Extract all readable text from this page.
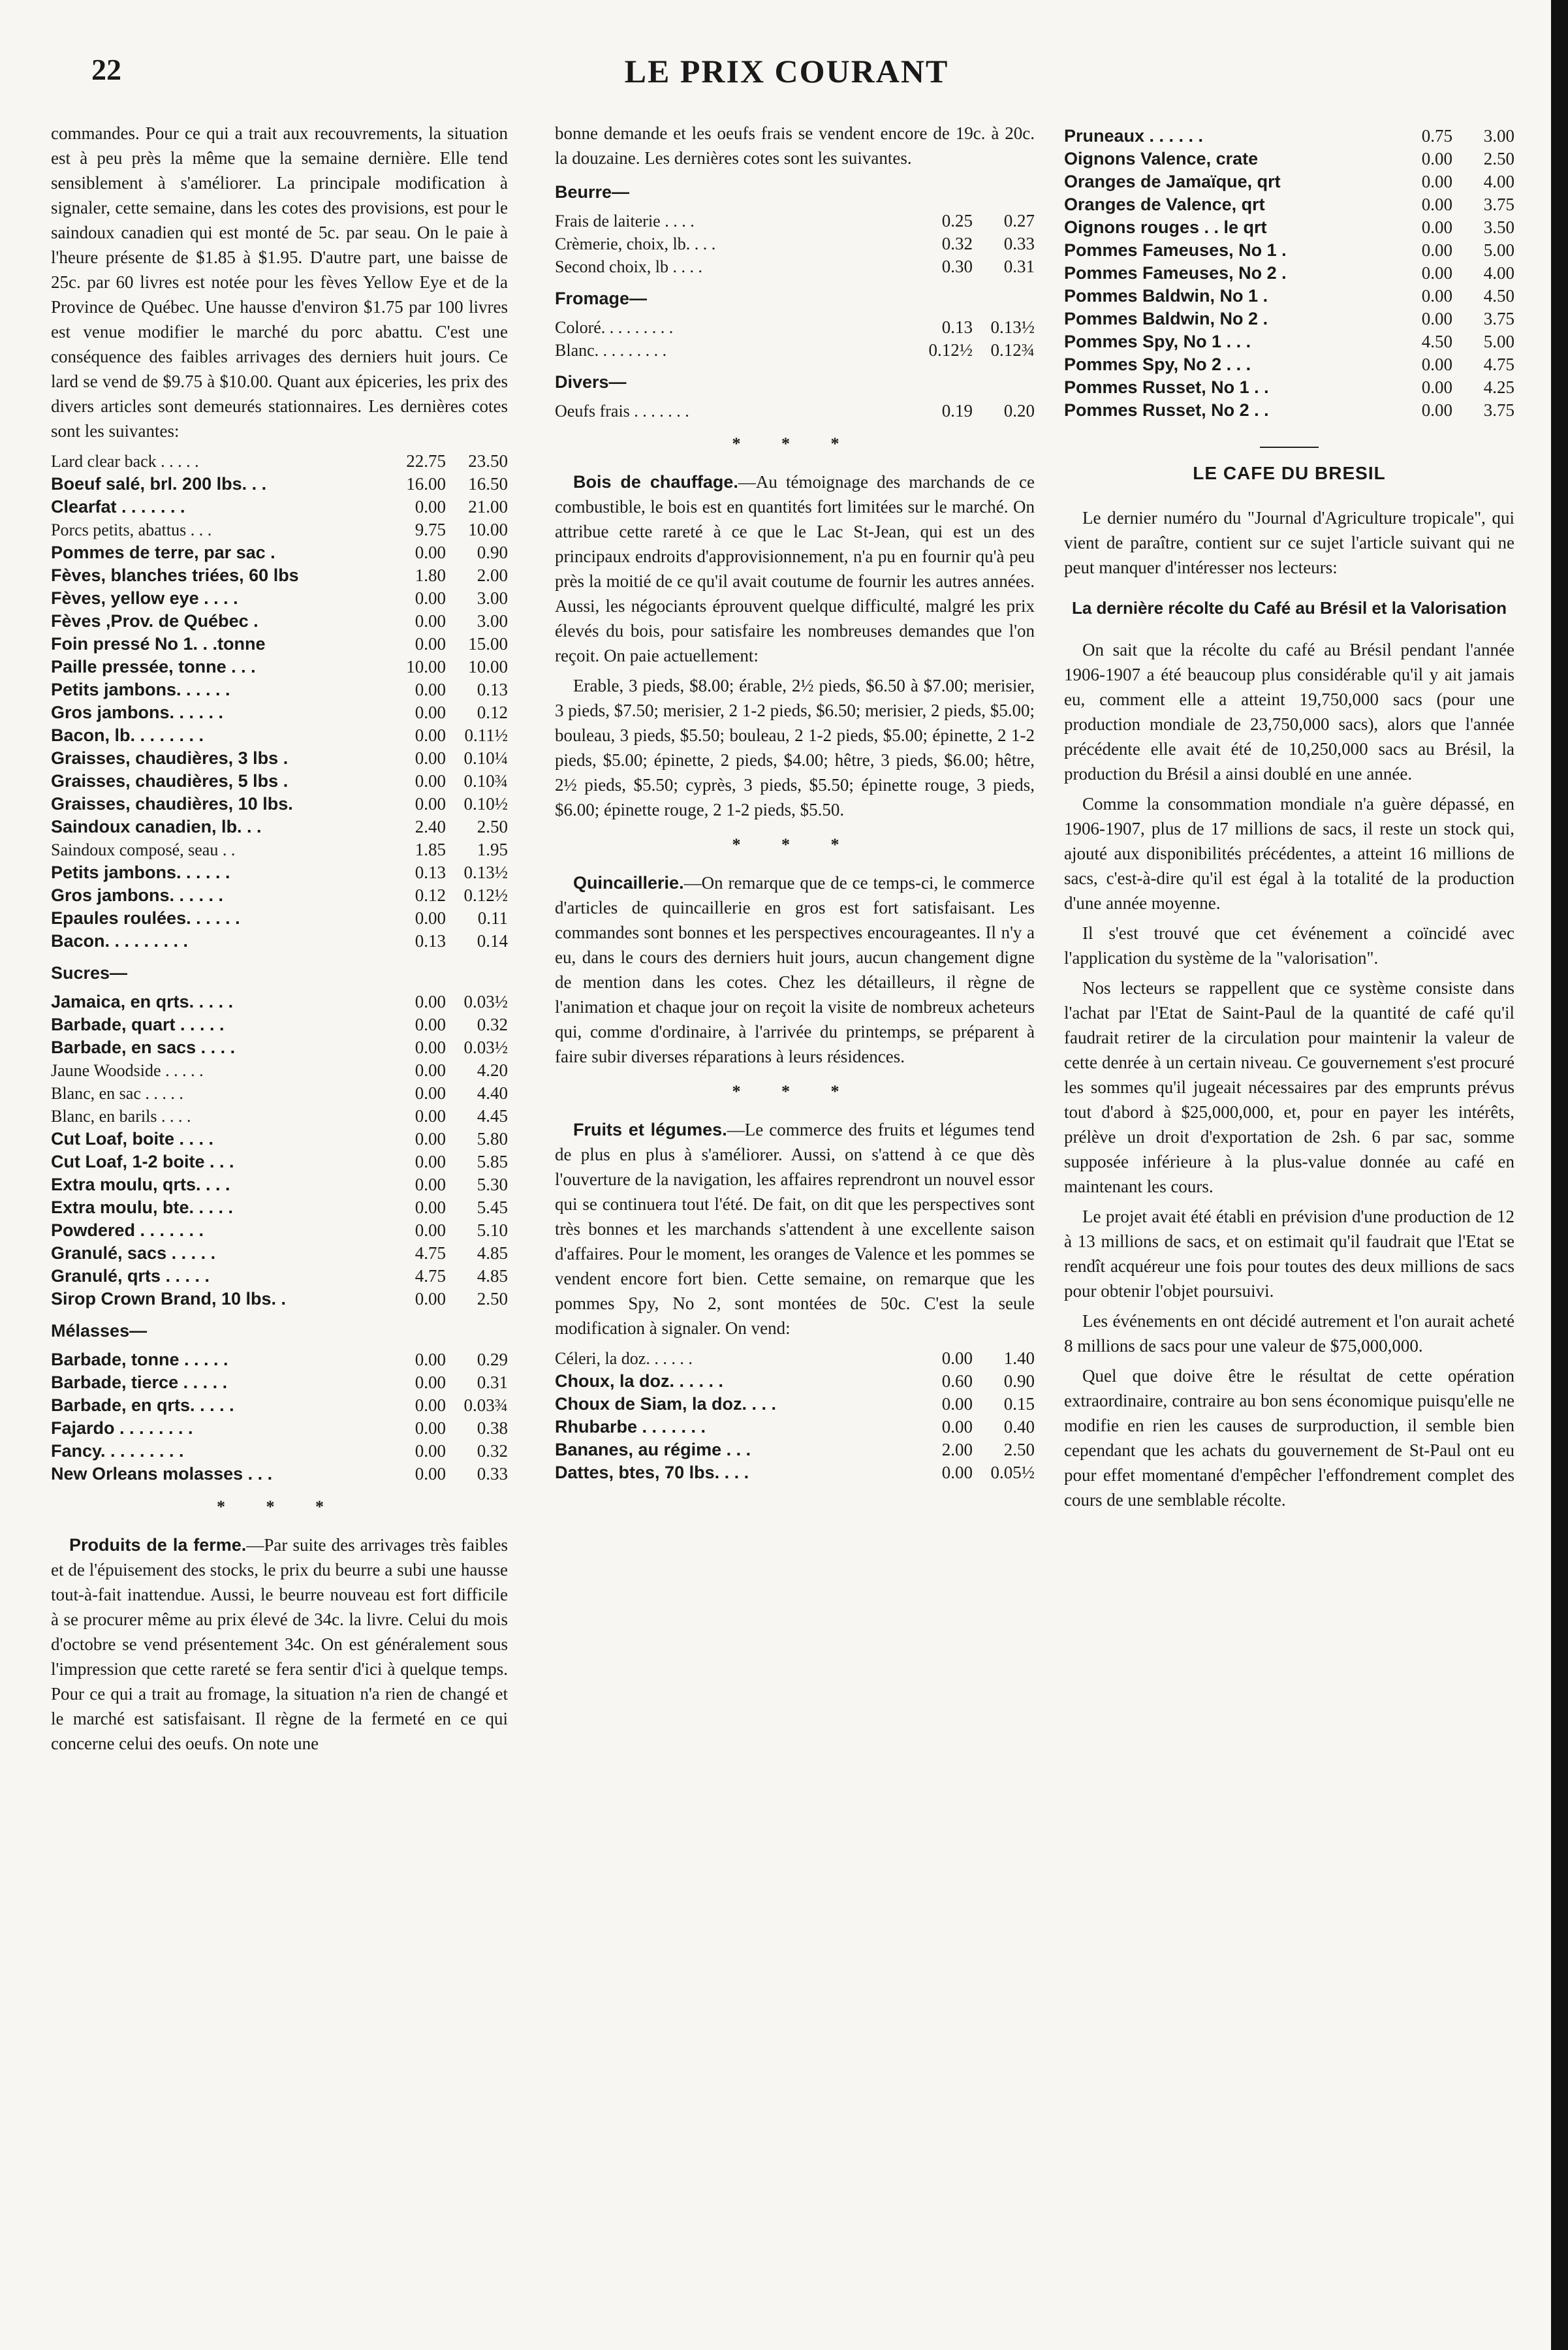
22	LE PRIX COURANT

commandes. Pour ce qui a trait aux recouvrements, la situation est à peu près la même que la semaine dernière. Elle tend sensiblement à s'améliorer. La principale modification à signaler, cette semaine, dans les cotes des provisions, est pour le saindoux canadien qui est monté de 5c. par seau. On le paie à l'heure présente de $1.85 à $1.95. D'autre part, une baisse de 25c. par 60 livres est notée pour les fèves Yellow Eye et de la Province de Québec. Une hausse d'environ $1.75 par 100 livres est venue modifier le marché du porc abattu. C'est une conséquence des faibles arrivages des derniers huit jours. Ce lard se vend de $9.75 à $10.00. Quant aux épiceries, les prix des divers articles sont demeurés stationnaires. Les dernières cotes sont les suivantes:

Lard clear back . . . . .	22.75	23.50
Boeuf salé, brl. 200 lbs. . .	16.00	16.50
Clearfat . . . . . . .	0.00	21.00
Porcs petits, abattus . . .	9.75	10.00
Pommes de terre, par sac .	0.00	0.90
Fèves, blanches triées, 60 lbs	1.80	2.00
Fèves, yellow eye . . . .	0.00	3.00
Fèves ,Prov. de Québec .	0.00	3.00
Foin pressé No 1. . .tonne	0.00	15.00
Paille pressée, tonne . . .	10.00	10.00
Petits jambons. . . . . .	0.00	0.13
Gros jambons. . . . . .	0.00	0.12
Bacon, lb. . . . . . . .	0.00	0.11½
Graisses, chaudières, 3 lbs .	0.00	0.10¼
Graisses, chaudières, 5 lbs .	0.00	0.10¾
Graisses, chaudières, 10 lbs.	0.00	0.10½
Saindoux canadien, lb. . .	2.40	2.50
Saindoux composé, seau . .	1.85	1.95
Petits jambons. . . . . .	0.13	0.13½
Gros jambons. . . . . .	0.12	0.12½
Epaules roulées. . . . . .	0.00	0.11
Bacon. . . . . . . . .	0.13	0.14
Sucres—
Jamaica, en qrts. . . . .	0.00	0.03½
Barbade, quart . . . . .	0.00	0.32
Barbade, en sacs . . . .	0.00	0.03½
Jaune Woodside . . . . .	0.00	4.20
Blanc, en sac . . . . .	0.00	4.40
Blanc, en barils . . . .	0.00	4.45
Cut Loaf, boite . . . .	0.00	5.80
Cut Loaf, 1-2 boite . . .	0.00	5.85
Extra moulu, qrts. . . .	0.00	5.30
Extra moulu, bte. . . . .	0.00	5.45
Powdered . . . . . . .	0.00	5.10
Granulé, sacs . . . . .	4.75	4.85
Granulé, qrts . . . . .	4.75	4.85
Sirop Crown Brand, 10 lbs. .	0.00	2.50
Mélasses—
Barbade, tonne . . . . .	0.00	0.29
Barbade, tierce . . . . .	0.00	0.31
Barbade, en qrts. . . . .	0.00	0.03¾
Fajardo . . . . . . . .	0.00	0.38
Fancy. . . . . . . . .	0.00	0.32
New Orleans molasses . . .	0.00	0.33
* * *

Produits de la ferme.—Par suite des arrivages très faibles et de l'épuisement des stocks, le prix du beurre a subi une hausse tout-à-fait inattendue. Aussi, le beurre nouveau est fort difficile à se procurer même au prix élevé de 34c. la livre. Celui du mois d'octobre se vend présentement 34c. On est généralement sous l'impression que cette rareté se fera sentir d'ici à quelque temps. Pour ce qui a trait au fromage, la situation n'a rien de changé et le marché est satisfaisant. Il règne de la fermeté en ce qui concerne celui des oeufs. On note une

bonne demande et les oeufs frais se vendent encore de 19c. à 20c. la douzaine. Les dernières cotes sont les suivantes.

Beurre—
Frais de laiterie . . . .	0.25	0.27
Crèmerie, choix, lb. . . .	0.32	0.33
Second choix, lb . . . .	0.30	0.31
Fromage—
Coloré. . . . . . . . .	0.13	0.13½
Blanc. . . . . . . . .	0.12½	0.12¾
Divers—
Oeufs frais . . . . . . .	0.19	0.20
* * *

Bois de chauffage.—Au témoignage des marchands de ce combustible, le bois est en quantités fort limitées sur le marché. On attribue cette rareté à ce que le Lac St-Jean, qui est un des principaux endroits d'approvisionnement, n'a pu en fournir qu'à peu près la moitié de ce qu'il avait coutume de fournir les autres années. Aussi, les négociants éprouvent quelque difficulté, malgré les prix élevés du bois, pour satisfaire les nombreuses demandes que l'on reçoit. On paie actuellement:

Erable, 3 pieds, $8.00; érable, 2½ pieds, $6.50 à $7.00; merisier, 3 pieds, $7.50; merisier, 2 1-2 pieds, $6.50; merisier, 2 pieds, $5.00; bouleau, 3 pieds, $5.50; bouleau, 2 1-2 pieds, $5.00; épinette, 2 1-2 pieds, $5.00; épinette, 2 pieds, $4.00; hêtre, 3 pieds, $6.00; hêtre, 2½ pieds, $5.50; cyprès, 3 pieds, $5.50; épinette rouge, 3 pieds, $6.00; épinette rouge, 2 1-2 pieds, $5.50.

* * *

Quincaillerie.—On remarque que de ce temps-ci, le commerce d'articles de quincaillerie en gros est fort satisfaisant. Les commandes sont bonnes et les perspectives encourageantes. Il n'y a eu, dans le cours des derniers huit jours, aucun changement digne de mention dans les cotes. Chez les détailleurs, il règne de l'animation et chaque jour on reçoit la visite de nombreux acheteurs qui, comme d'ordinaire, à l'arrivée du printemps, se préparent à faire subir diverses réparations à leurs résidences.

* * *

Fruits et légumes.—Le commerce des fruits et légumes tend de plus en plus à s'améliorer. Aussi, on s'attend à ce que dès l'ouverture de la navigation, les affaires reprendront un nouvel essor qui se continuera tout l'été. De fait, on dit que les perspectives sont très bonnes et les marchands s'attendent à une excellente saison d'affaires. Pour le moment, les oranges de Valence et les pommes se vendent encore fort bien. Cette semaine, on remarque que les pommes Spy, No 2, sont montées de 50c. C'est la seule modification à signaler. On vend:

Céleri, la doz. . . . . .	0.00	1.40
Choux, la doz. . . . . .	0.60	0.90
Choux de Siam, la doz. . . .	0.00	0.15
Rhubarbe . . . . . . .	0.00	0.40
Bananes, au régime . . .	2.00	2.50
Dattes, btes, 70 lbs. . . .	0.00	0.05½
Pruneaux . . . . . .	0.75	3.00
Oignons Valence, crate	0.00	2.50
Oranges de Jamaïque, qrt	0.00	4.00
Oranges de Valence, qrt	0.00	3.75
Oignons rouges . . le qrt	0.00	3.50
Pommes Fameuses, No 1 .	0.00	5.00
Pommes Fameuses, No 2 .	0.00	4.00
Pommes Baldwin, No 1 .	0.00	4.50
Pommes Baldwin, No 2 .	0.00	3.75
Pommes Spy, No 1 . . .	4.50	5.00
Pommes Spy, No 2 . . .	0.00	4.75
Pommes Russet, No 1 . .	0.00	4.25
Pommes Russet, No 2 . .	0.00	3.75
LE CAFE DU BRESIL

Le dernier numéro du "Journal d'Agriculture tropicale", qui vient de paraître, contient sur ce sujet l'article suivant qui ne peut manquer d'intéresser nos lecteurs:

La dernière récolte du Café au Brésil et la Valorisation

On sait que la récolte du café au Brésil pendant l'année 1906-1907 a été beaucoup plus considérable qu'il y ait jamais eu, comment elle a atteint 19,750,000 sacs (pour une production mondiale de 23,750,000 sacs), alors que l'année précédente elle avait été de 10,250,000 sacs au Brésil, la production du Brésil a ainsi doublé en une année.

Comme la consommation mondiale n'a guère dépassé, en 1906-1907, plus de 17 millions de sacs, il reste un stock qui, ajouté aux disponibilités précédentes, a atteint 16 millions de sacs, c'est-à-dire qu'il est égal à la totalité de la production d'une année moyenne.

Il s'est trouvé que cet événement a coïncidé avec l'application du système de la "valorisation".

Nos lecteurs se rappellent que ce système consiste dans l'achat par l'Etat de Saint-Paul de la quantité de café qu'il faudrait retirer de la circulation pour maintenir la valeur de cette denrée à un certain niveau. Ce gouvernement s'est procuré les sommes qu'il jugeait nécessaires par des emprunts prévus tout d'abord à $25,000,000, et, pour en payer les intérêts, prélève un droit d'exportation de 2sh. 6 par sac, somme supposée inférieure à la plus-value donnée au café en maintenant les cours.

Le projet avait été établi en prévision d'une production de 12 à 13 millions de sacs, et on estimait qu'il faudrait que l'Etat se rendît acquéreur une fois pour toutes des deux millions de sacs pour obtenir l'objet poursuivi.

Les événements en ont décidé autrement et l'on aurait acheté 8 millions de sacs pour une valeur de $75,000,000.

Quel que doive être le résultat de cette opération extraordinaire, contraire au bon sens économique puisqu'elle ne modifie en rien les causes de surproduction, il semble bien cependant que les achats du gouvernement de St-Paul ont eu pour effet momentané d'empêcher l'effondrement complet des cours de une semblable récolte.
